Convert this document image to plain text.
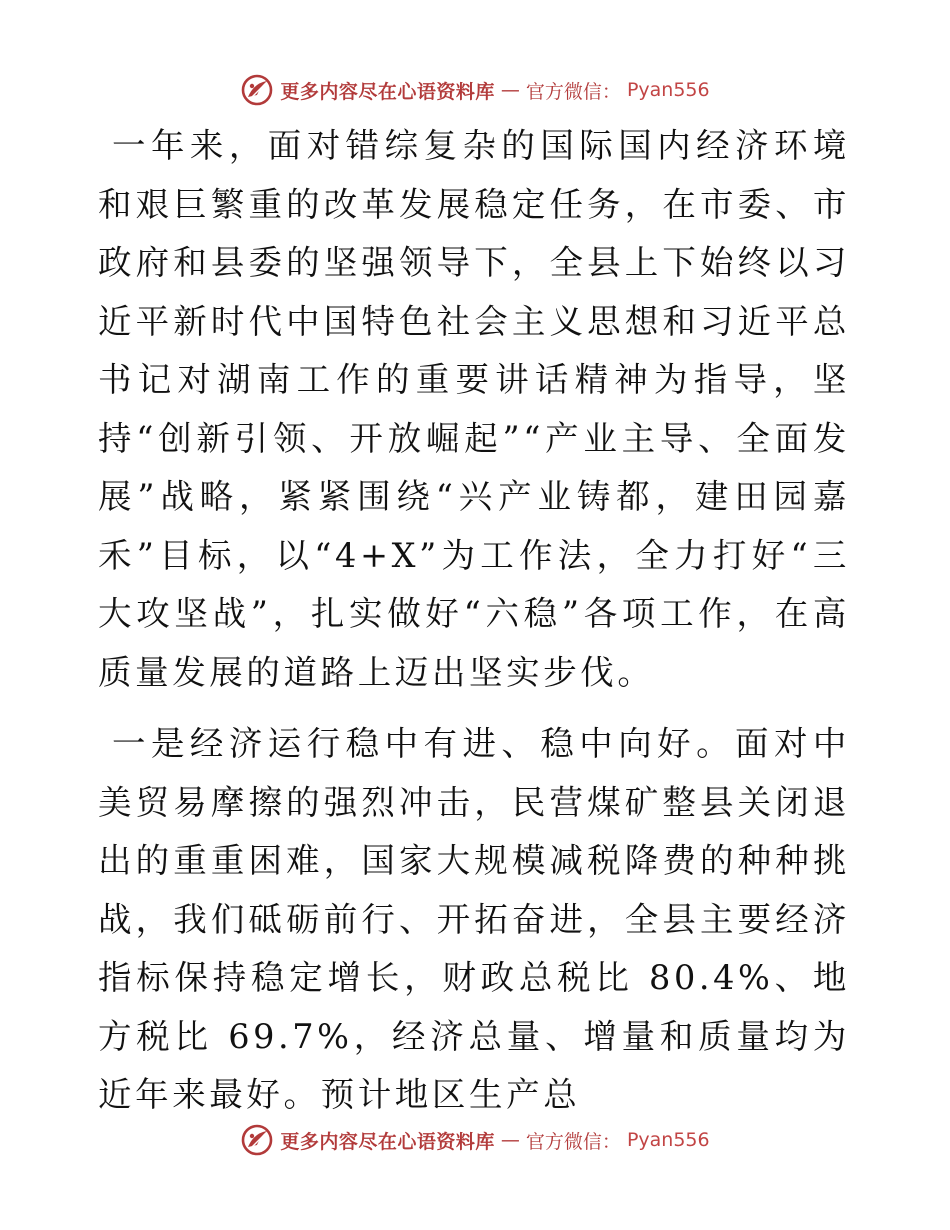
更多内容尽在心语资料库 — 官方微信： Pyan556

一年来，面对错综复杂的国际国内经济环境和艰巨繁重的改革发展稳定任务，在市委、市政府和县委的坚强领导下，全县上下始终以习近平新时代中国特色社会主义思想和习近平总书记对湖南工作的重要讲话精神为指导，坚持“创新引领、开放崛起”“产业主导、全面发展”战略，紧紧围绕“兴产业铸都，建田园嘉禾”目标，以“4+X”为工作法，全力打好“三大攻坚战”，扎实做好“六稳”各项工作，在高质量发展的道路上迈出坚实步伐。

一是经济运行稳中有进、稳中向好。面对中美贸易摩擦的强烈冲击，民营煤矿整县关闭退出的重重困难，国家大规模减税降费的种种挑战，我们砥砺前行、开拓奋进，全县主要经济指标保持稳定增长，财政总税比 80.4%、地方税比 69.7%，经济总量、增量和质量均为近年来最好。预计地区生产总

更多内容尽在心语资料库 — 官方微信： Pyan556
